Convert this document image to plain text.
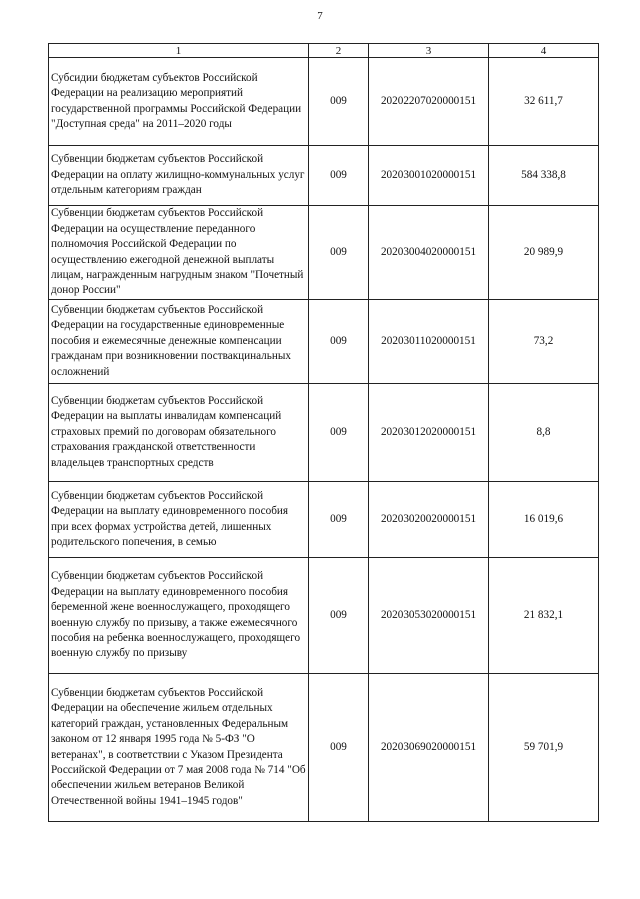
7
1	2	3	4
Субсидии бюджетам субъектов Российской Федерации на реализацию мероприятий государственной программы Российской Федерации "Доступная среда" на 2011–2020 годы	009	20202207020000151	32 611,7
Субвенции бюджетам субъектов Российской Федерации на оплату жилищно-коммунальных услуг отдельным категориям граждан	009	20203001020000151	584 338,8
Субвенции бюджетам субъектов Российской Федерации на осуществление переданного полномочия Российской Федерации по осуществлению ежегодной денежной выплаты лицам, награжденным нагрудным знаком "Почетный донор России"	009	20203004020000151	20 989,9
Субвенции бюджетам субъектов Российской Федерации на государственные единовременные пособия и ежемесячные денежные компенсации гражданам при возникновении поствакцинальных осложнений	009	20203011020000151	73,2
Субвенции бюджетам субъектов Российской Федерации на выплаты инвалидам компенсаций страховых премий по договорам обязательного страхования гражданской ответственности владельцев транспортных средств	009	20203012020000151	8,8
Субвенции бюджетам субъектов Российской Федерации на выплату единовременного пособия при всех формах устройства детей, лишенных родительского попечения, в семью	009	20203020020000151	16 019,6
Субвенции бюджетам субъектов Российской Федерации на выплату единовременного пособия беременной жене военнослужащего, проходящего военную службу по призыву, а также ежемесячного пособия на ребенка военнослужащего, проходящего военную службу по призыву	009	20203053020000151	21 832,1
Субвенции бюджетам субъектов Российской Федерации на обеспечение жильем отдельных категорий граждан, установленных Федеральным законом от 12 января 1995 года № 5-ФЗ "О ветеранах", в соответствии с Указом Президента Российской Федерации от 7 мая 2008 года № 714 "Об обеспечении жильем ветеранов Великой Отечественной войны 1941–1945 годов"	009	20203069020000151	59 701,9
